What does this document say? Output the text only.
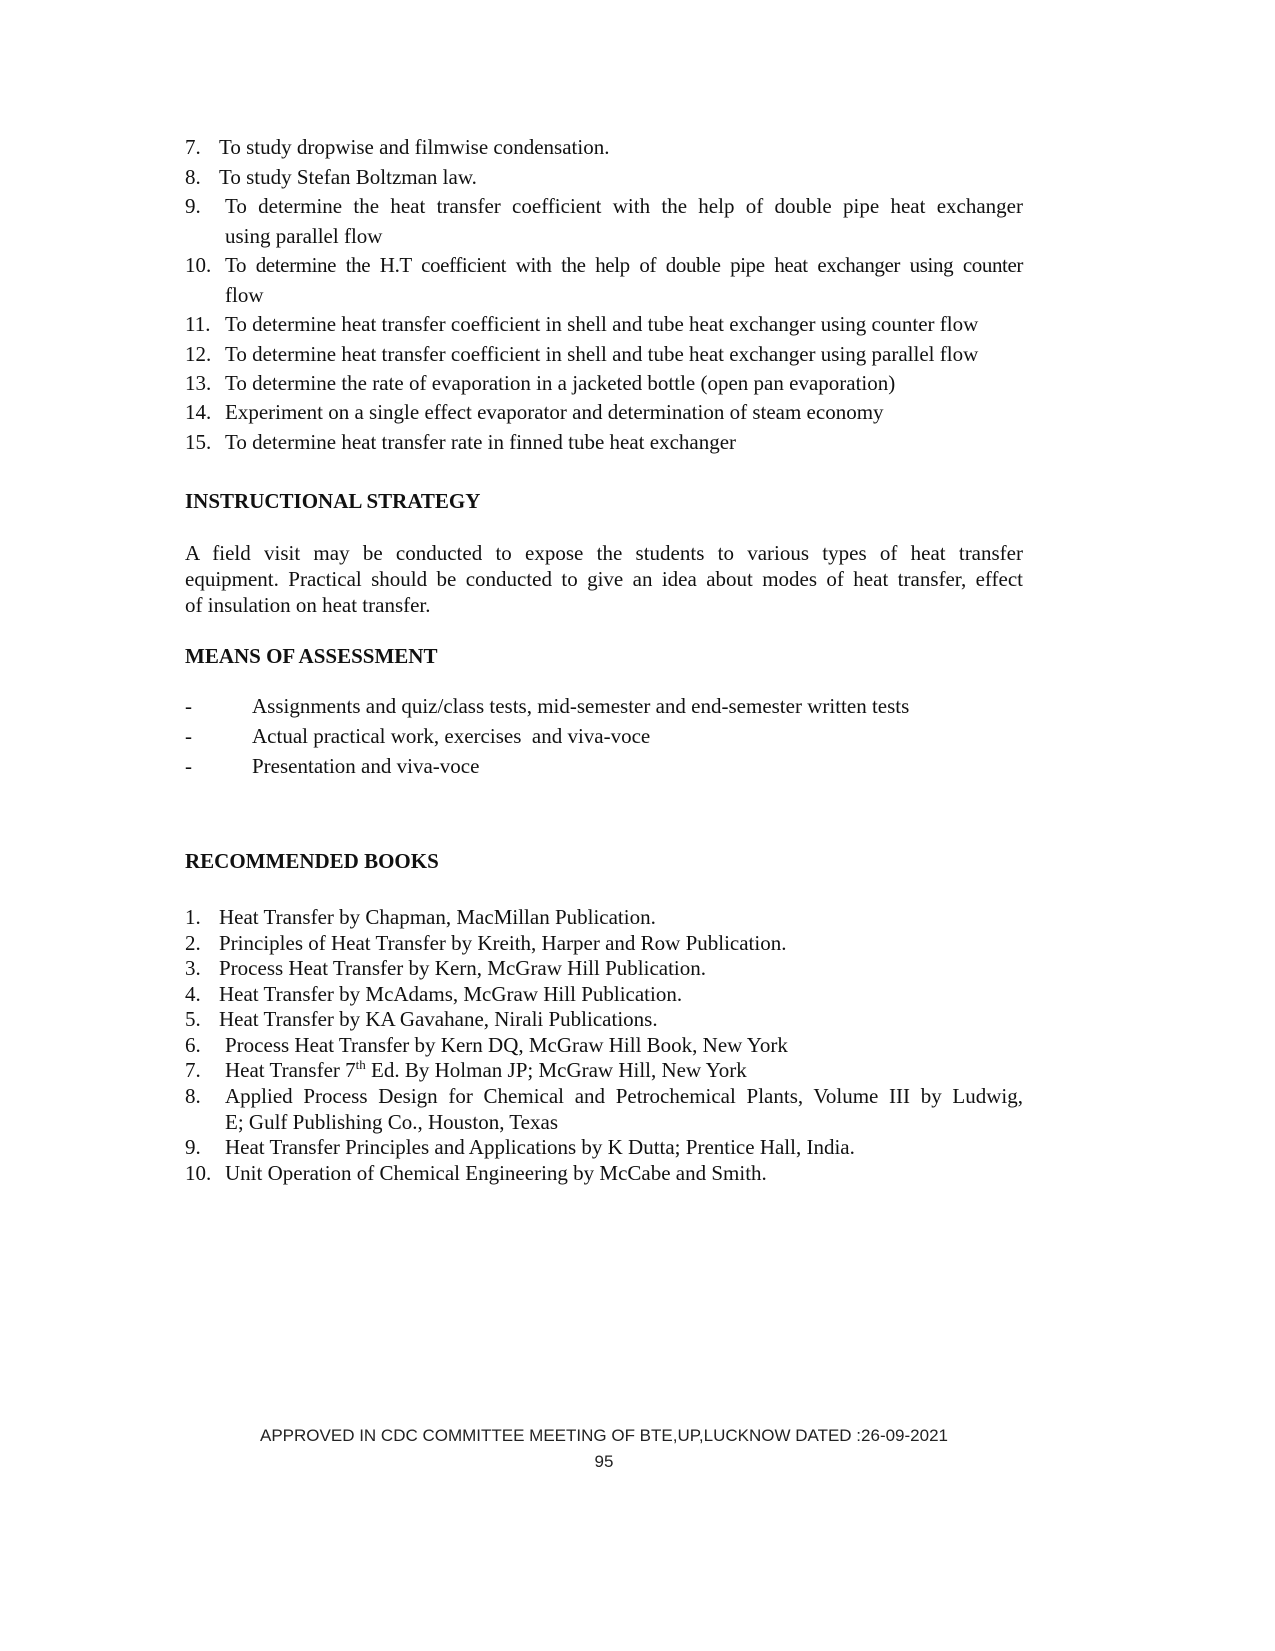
7. To study dropwise and filmwise condensation.
8. To study Stefan Boltzman law.
9. To determine the heat transfer coefficient with the help of double pipe heat exchanger
using parallel flow
10. To determine the H.T coefficient with the help of double pipe heat exchanger using counter
flow
11. To determine heat transfer coefficient in shell and tube heat exchanger using counter flow
12. To determine heat transfer coefficient in shell and tube heat exchanger using parallel flow
13. To determine the rate of evaporation in a jacketed bottle (open pan evaporation)
14. Experiment on a single effect evaporator and determination of steam economy
15. To determine heat transfer rate in finned tube heat exchanger
INSTRUCTIONAL STRATEGY
A field visit may be conducted to expose the students to various types of heat transfer
equipment. Practical should be conducted to give an idea about modes of heat transfer, effect
of insulation on heat transfer.
MEANS OF ASSESSMENT
-	Assignments and quiz/class tests, mid-semester and end-semester written tests
-	Actual practical work, exercises  and viva-voce
-	Presentation and viva-voce
RECOMMENDED BOOKS
1. Heat Transfer by Chapman, MacMillan Publication.
2. Principles of Heat Transfer by Kreith, Harper and Row Publication.
3. Process Heat Transfer by Kern, McGraw Hill Publication.
4. Heat Transfer by McAdams, McGraw Hill Publication.
5. Heat Transfer by KA Gavahane, Nirali Publications.
6. Process Heat Transfer by Kern DQ, McGraw Hill Book, New York
7. Heat Transfer 7th Ed. By Holman JP; McGraw Hill, New York
8. Applied Process Design for Chemical and Petrochemical Plants, Volume III by Ludwig,
E; Gulf Publishing Co., Houston, Texas
9. Heat Transfer Principles and Applications by K Dutta; Prentice Hall, India.
10. Unit Operation of Chemical Engineering by McCabe and Smith.
APPROVED IN CDC COMMITTEE MEETING OF BTE,UP,LUCKNOW DATED :26-09-2021
95
